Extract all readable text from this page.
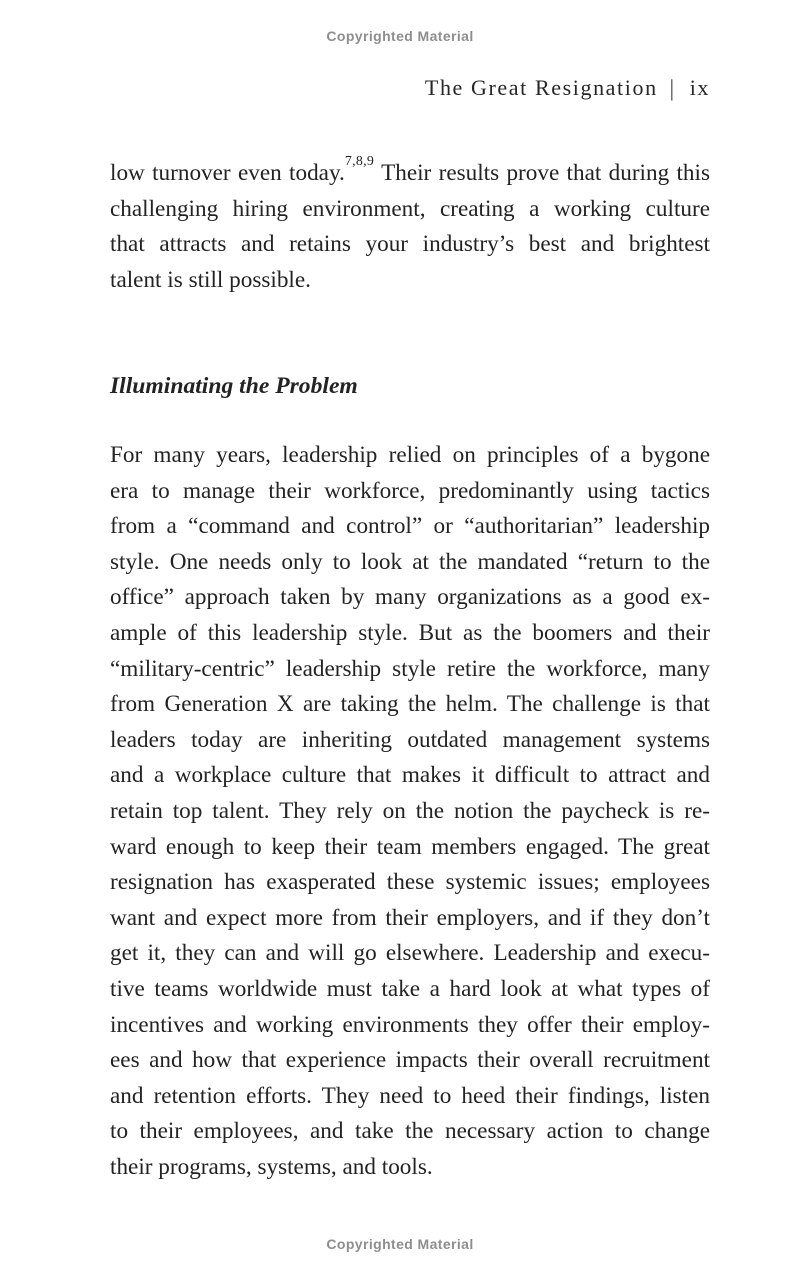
Copyrighted Material
The Great Resignation | ix
low turnover even today.$^{7,8,9}$ Their results prove that during this
challenging hiring environment, creating a working culture
that attracts and retains your industry’s best and brightest
talent is still possible.
Illuminating the Problem
For many years, leadership relied on principles of a bygone
era to manage their workforce, predominantly using tactics
from a “command and control” or “authoritarian” leadership
style. One needs only to look at the mandated “return to the
office” approach taken by many organizations as a good ex-
ample of this leadership style. But as the boomers and their
“military-centric” leadership style retire the workforce, many
from Generation X are taking the helm. The challenge is that
leaders today are inheriting outdated management systems
and a workplace culture that makes it difficult to attract and
retain top talent. They rely on the notion the paycheck is re-
ward enough to keep their team members engaged. The great
resignation has exasperated these systemic issues; employees
want and expect more from their employers, and if they don’t
get it, they can and will go elsewhere. Leadership and execu-
tive teams worldwide must take a hard look at what types of
incentives and working environments they offer their employ-
ees and how that experience impacts their overall recruitment
and retention efforts. They need to heed their findings, listen
to their employees, and take the necessary action to change
their programs, systems, and tools.
Copyrighted Material
